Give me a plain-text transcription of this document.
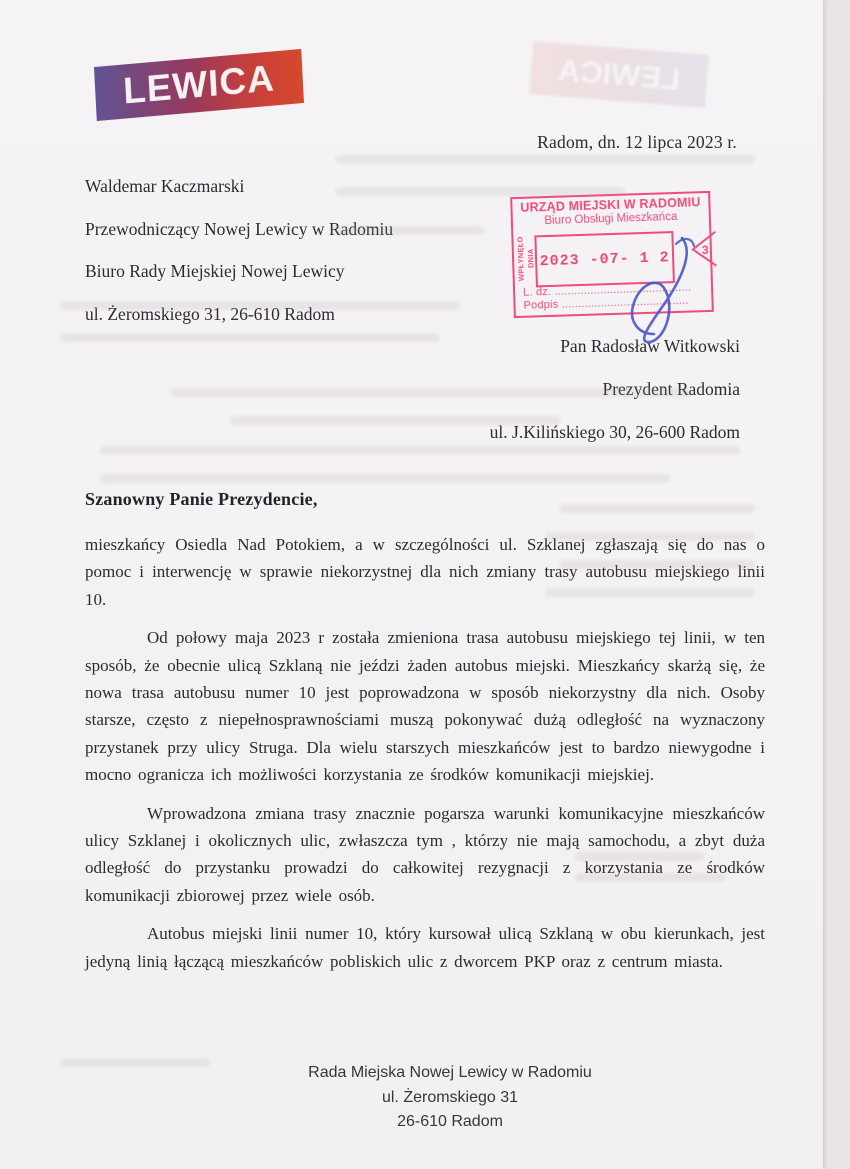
LEWICA	LEWICA
Radom, dn. 12 lipca 2023 r.
Waldemar Kaczmarski
Przewodniczący Nowej Lewicy w Radomiu
Biuro Rady Miejskiej Nowej Lewicy
ul. Żeromskiego 31, 26-610 Radom
Pan Radosław Witkowski
Prezydent Radomia
ul. J.Kilińskiego 30, 26-600 Radom
Szanowny Panie Prezydencie,

mieszkańcy Osiedla Nad Potokiem, a w szczególności ul. Szklanej zgłaszają się do nas o pomoc i interwencję w sprawie niekorzystnej dla nich zmiany trasy autobusu miejskiego linii 10.

Od połowy maja 2023 r została zmieniona trasa autobusu miejskiego tej linii, w ten sposób, że obecnie ulicą Szklaną nie jeździ żaden autobus miejski. Mieszkańcy skarżą się, że nowa trasa autobusu numer 10 jest poprowadzona w sposób niekorzystny dla nich. Osoby starsze, często z niepełnosprawnościami muszą pokonywać dużą odległość na wyznaczony przystanek przy ulicy Struga. Dla wielu starszych mieszkańców jest to bardzo niewygodne i mocno ogranicza ich możliwości korzystania ze środków komunikacji miejskiej.

Wprowadzona zmiana trasy znacznie pogarsza warunki komunikacyjne mieszkańców ulicy Szklanej i okolicznych ulic, zwłaszcza tym , którzy nie mają samochodu, a zbyt duża odległość do przystanku prowadzi do całkowitej rezygnacji z korzystania ze środków komunikacji zbiorowej przez wiele osób.

Autobus miejski linii numer 10, który kursował ulicą Szklaną w obu kierunkach, jest jedyną linią łączącą mieszkańców pobliskich ulic z dworcem PKP oraz z centrum miasta.

Rada Miejska Nowej Lewicy w Radomiu
ul. Żeromskiego 31
26-610 Radom
URZĄD MIEJSKI W RADOMIU
Biuro Obsługi Mieszkańca
2023 -07- 1 2
WPŁYNĘŁO DNIA
L. dz. ..........................................
Podpis .......................................
3
